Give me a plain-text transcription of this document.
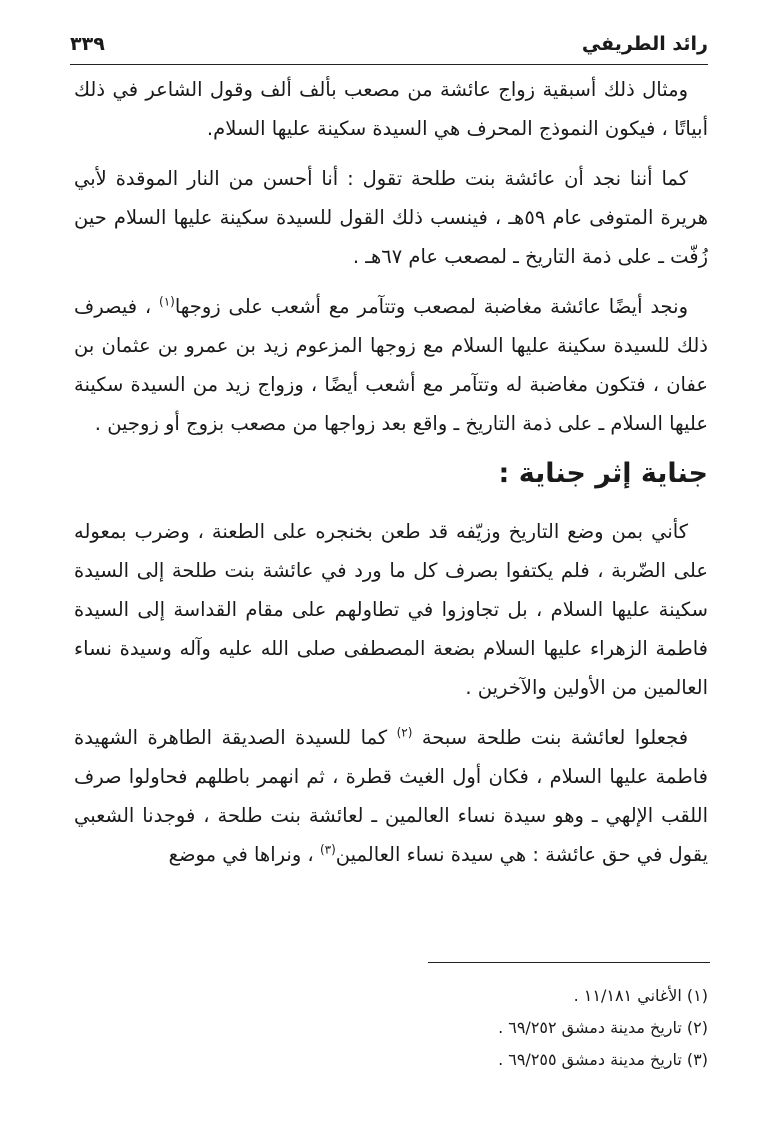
رائد الطريفي
٣٣٩

ومثال ذلك أسبقية زواج عائشة من مصعب بألف ألف وقول الشاعر في ذلك أبياتًا ، فيكون النموذج المحرف هي السيدة سكينة عليها السلام.

كما أننا نجد أن عائشة بنت طلحة تقول : أنا أحسن من النار الموقدة لأبي هريرة المتوفى عام ٥٩هـ ، فينسب ذلك القول للسيدة سكينة عليها السلام حين زُفّت ـ على ذمة التاريخ ـ لمصعب عام ٦٧هـ .

ونجد أيضًا عائشة مغاضبة لمصعب وتتآمر مع أشعب على زوجها$^{(١)}$ ، فيصرف ذلك للسيدة سكينة عليها السلام مع زوجها المزعوم زيد بن عمرو بن عثمان بن عفان ، فتكون مغاضبة له وتتآمر مع أشعب أيضًا ، وزواج زيد من السيدة سكينة عليها السلام ـ على ذمة التاريخ ـ واقع بعد زواجها من مصعب بزوج أو زوجين .

جناية إثر جناية :

كأني بمن وضع التاريخ وزيّفه قد طعن بخنجره على الطعنة ، وضرب بمعوله على الضّربة ، فلم يكتفوا بصرف كل ما ورد في عائشة بنت طلحة إلى السيدة سكينة عليها السلام ، بل تجاوزوا في تطاولهم على مقام القداسة إلى السيدة فاطمة الزهراء عليها السلام بضعة المصطفى صلى الله عليه وآله وسيدة نساء العالمين من الأولين والآخرين .

فجعلوا لعائشة بنت طلحة سبحة $^{(٢)}$ كما للسيدة الصديقة الطاهرة الشهيدة فاطمة عليها السلام ، فكان أول الغيث قطرة ، ثم انهمر باطلهم فحاولوا صرف اللقب الإلهي ـ وهو سيدة نساء العالمين ـ لعائشة بنت طلحة ، فوجدنا الشعبي يقول في حق عائشة : هي سيدة نساء العالمين$^{(٣)}$ ، ونراها في موضع

(١) الأغاني ١١/١٨١ .

(٢) تاريخ مدينة دمشق ٦٩/٢٥٢ .

(٣) تاريخ مدينة دمشق ٦٩/٢٥٥ .
